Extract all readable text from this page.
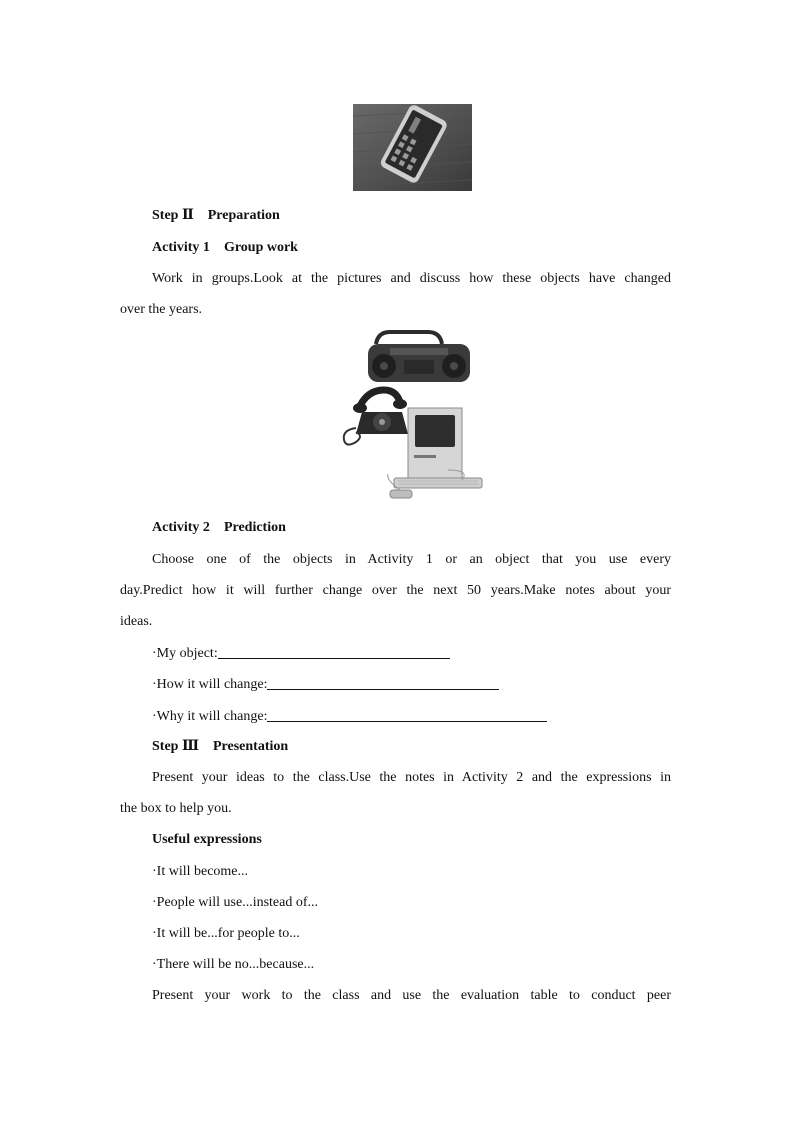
Step Ⅱ Preparation
Activity 1 Group work
Work in groups.Look at the pictures and discuss how these objects have changed
over the years.
Activity 2 Prediction
Choose one of the objects in Activity 1 or an object that you use every
day.Predict how it will further change over the next 50 years.Make notes about your
ideas.
·My object:
·How it will change:
·Why it will change:
Step Ⅲ Presentation
Present your ideas to the class.Use the notes in Activity 2 and the expressions in
the box to help you.
Useful expressions
·It will become...
·People will use...instead of...
·It will be...for people to...
·There will be no...because...
Present your work to the class and use the evaluation table to conduct peer
